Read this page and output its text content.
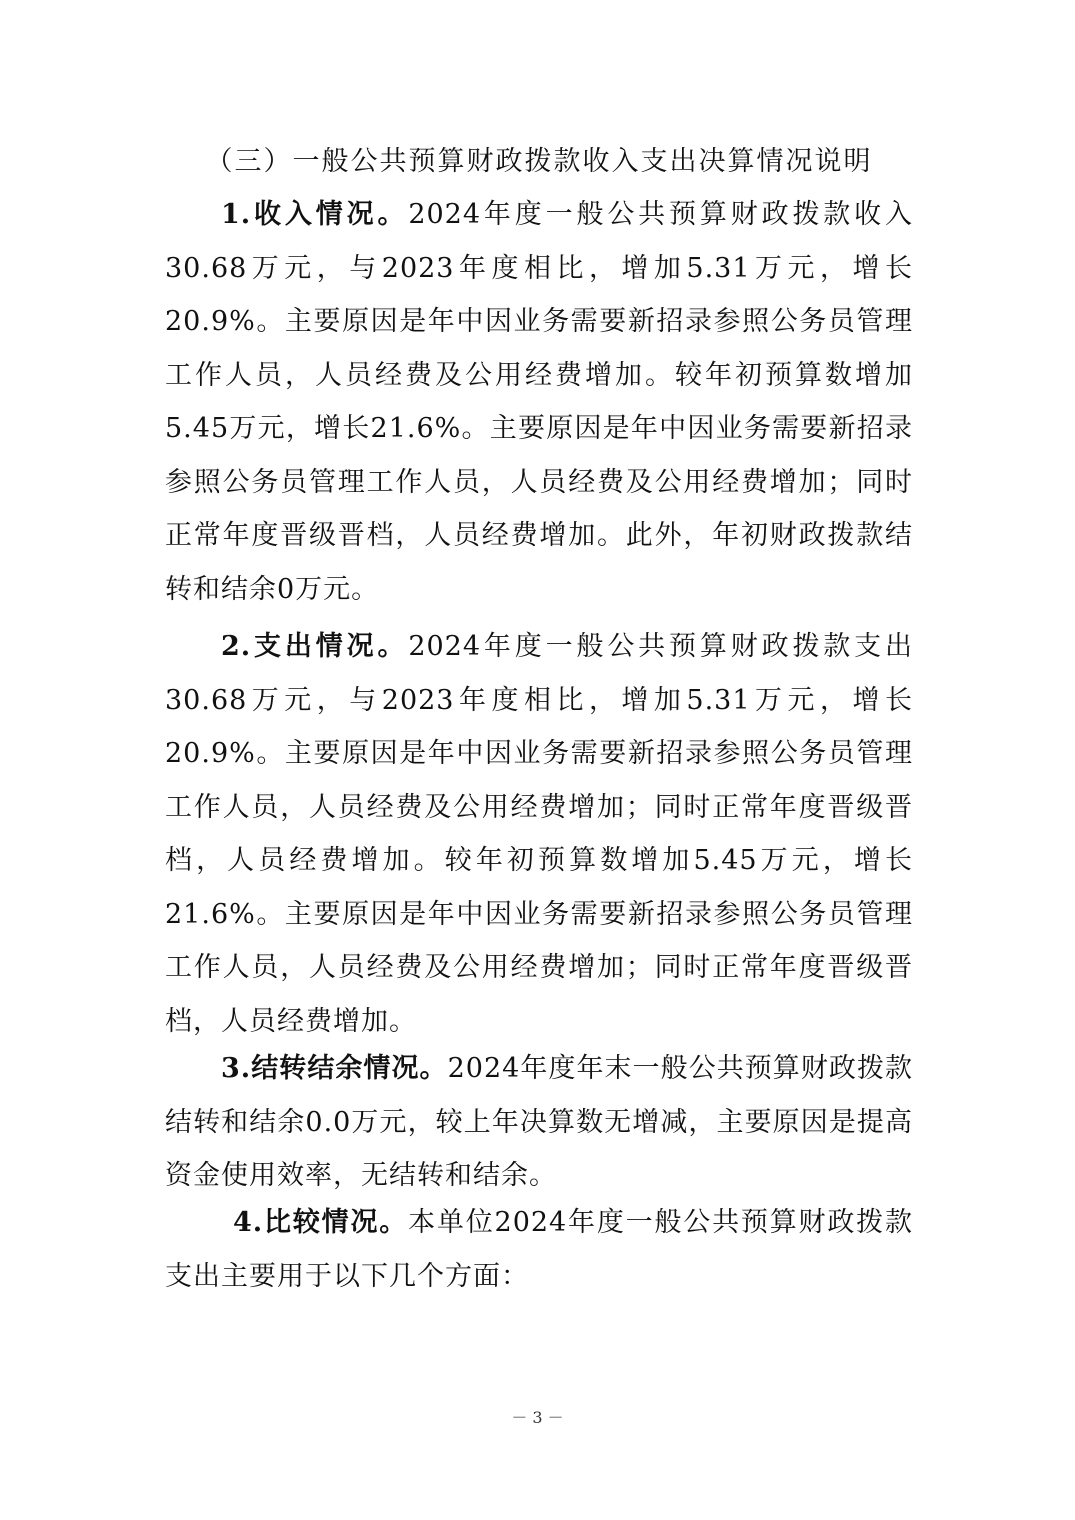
（三）一般公共预算财政拨款收入支出决算情况说明

1.收入情况。2024年度一般公共预算财政拨款收入30.68万元，与2023年度相比，增加5.31万元，增长20.9%。主要原因是年中因业务需要新招录参照公务员管理工作人员，人员经费及公用经费增加。较年初预算数增加5.45万元，增长21.6%。主要原因是年中因业务需要新招录参照公务员管理工作人员，人员经费及公用经费增加；同时正常年度晋级晋档，人员经费增加。此外，年初财政拨款结转和结余0万元。

2.支出情况。2024年度一般公共预算财政拨款支出30.68万元，与2023年度相比，增加5.31万元，增长20.9%。主要原因是年中因业务需要新招录参照公务员管理工作人员，人员经费及公用经费增加；同时正常年度晋级晋档，人员经费增加。较年初预算数增加5.45万元，增长21.6%。主要原因是年中因业务需要新招录参照公务员管理工作人员，人员经费及公用经费增加；同时正常年度晋级晋档，人员经费增加。

3.结转结余情况。2024年度年末一般公共预算财政拨款结转和结余0.0万元，较上年决算数无增减，主要原因是提高资金使用效率，无结转和结余。

4.比较情况。本单位2024年度一般公共预算财政拨款支出主要用于以下几个方面：

－ 3 －
